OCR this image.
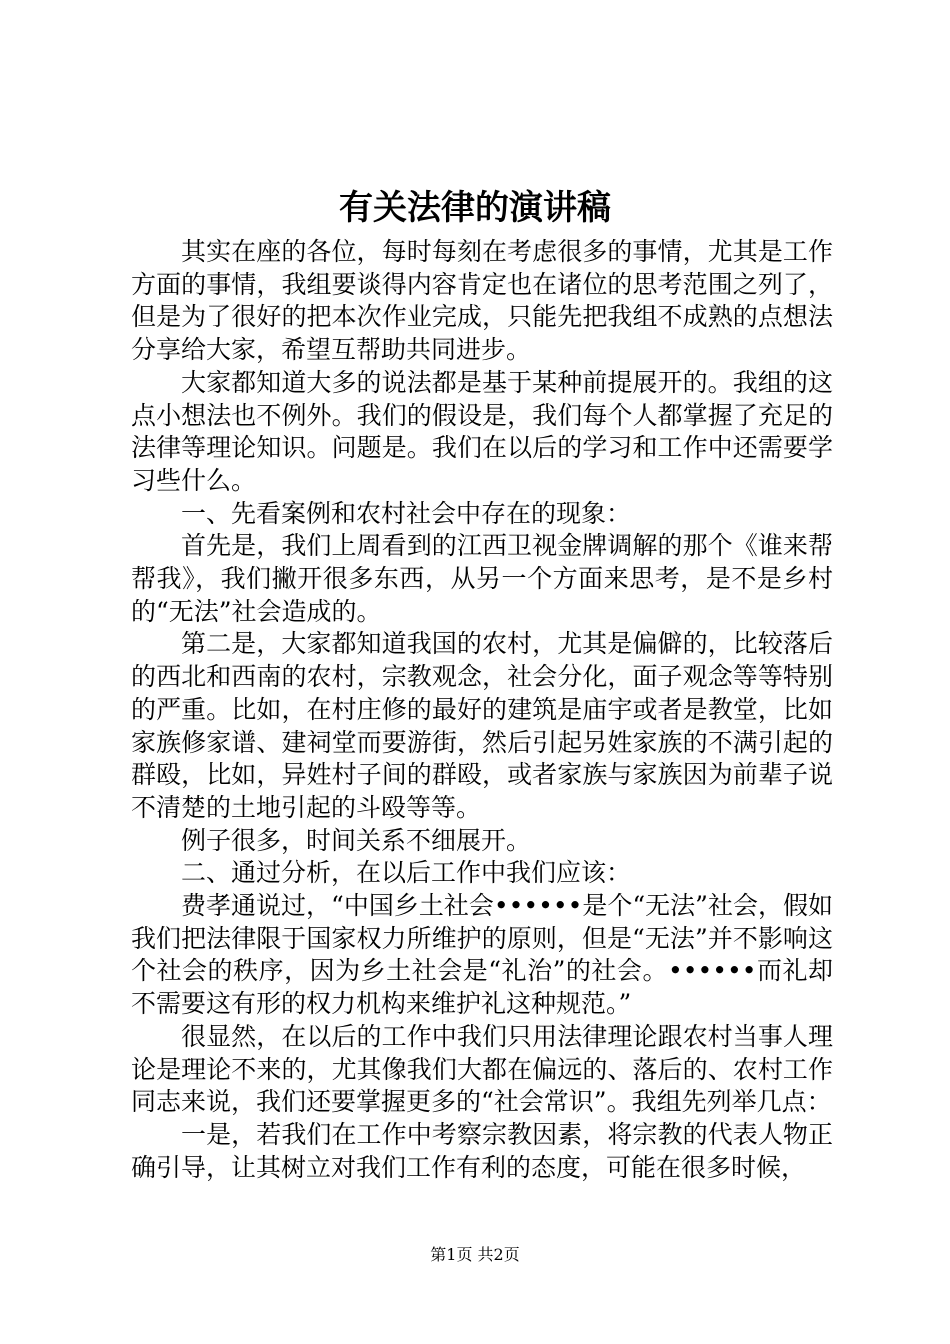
有关法律的演讲稿

其实在座的各位，每时每刻在考虑很多的事情，尤其是工作方面的事情，我组要谈得内容肯定也在诸位的思考范围之列了，但是为了很好的把本次作业完成，只能先把我组不成熟的点想法分享给大家，希望互帮助共同进步。

大家都知道大多的说法都是基于某种前提展开的。我组的这点小想法也不例外。我们的假设是，我们每个人都掌握了充足的法律等理论知识。问题是。我们在以后的学习和工作中还需要学习些什么。

一、先看案例和农村社会中存在的现象：

首先是，我们上周看到的江西卫视金牌调解的那个《谁来帮帮我》，我们撇开很多东西，从另一个方面来思考，是不是乡村的“无法”社会造成的。

第二是，大家都知道我国的农村，尤其是偏僻的，比较落后的西北和西南的农村，宗教观念，社会分化，面子观念等等特别的严重。比如，在村庄修的最好的建筑是庙宇或者是教堂，比如家族修家谱、建祠堂而要游街，然后引起另姓家族的不满引起的群殴，比如，异姓村子间的群殴，或者家族与家族因为前辈子说不清楚的土地引起的斗殴等等。

例子很多，时间关系不细展开。

二、通过分析，在以后工作中我们应该：

费孝通说过，“中国乡土社会••••••是个“无法”社会，假如我们把法律限于国家权力所维护的原则，但是“无法”并不影响这个社会的秩序，因为乡土社会是“礼治”的社会。••••••而礼却不需要这有形的权力机构来维护礼这种规范。”

很显然，在以后的工作中我们只用法律理论跟农村当事人理论是理论不来的，尤其像我们大都在偏远的、落后的、农村工作同志来说，我们还要掌握更多的“社会常识”。我组先列举几点：

一是，若我们在工作中考察宗教因素，将宗教的代表人物正确引导，让其树立对我们工作有利的态度，可能在很多时候，

第1页 共2页
